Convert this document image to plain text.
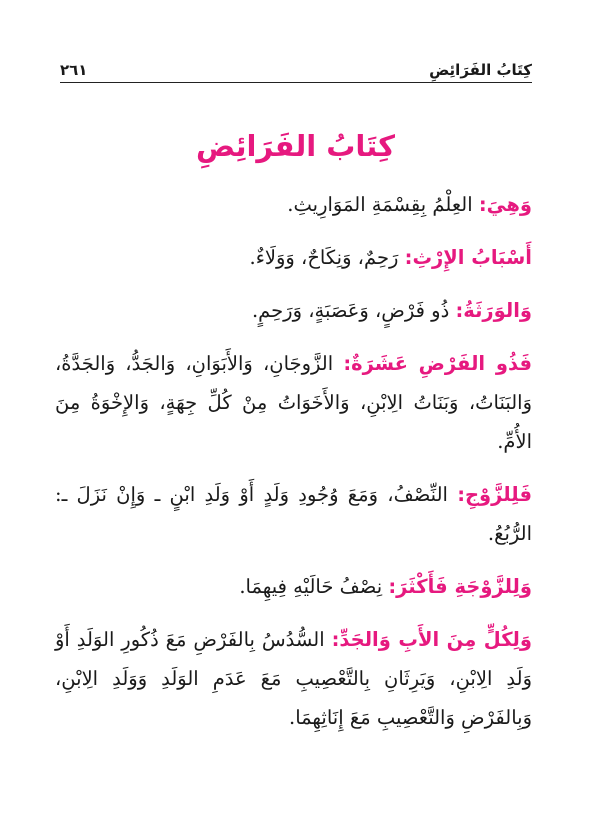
كِتَابُ الفَرَائِضِ
٢٦١
كِتَابُ الفَرَائِضِ

وَهِيَ: العِلْمُ بِقِسْمَةِ المَوَارِيثِ.

أَسْبَابُ الإِرْثِ: رَحِمٌ، وَنِكَاحٌ، وَوَلَاءٌ.

وَالوَرَثَةُ: ذُو فَرْضٍ، وَعَصَبَةٍ، وَرَحِمٍ.

فَذُو الفَرْضِ عَشَرَةٌ: الزَّوجَانِ، وَالأَبَوَانِ، وَالجَدُّ، وَالجَدَّةُ، وَالبَنَاتُ، وَبَنَاتُ الِابْنِ، وَالأَخَوَاتُ مِنْ كُلِّ جِهَةٍ، وَالإِخْوَةُ مِنَ الأُمِّ.

فَلِلزَّوْجِ: النِّصْفُ، وَمَعَ وُجُودِ وَلَدٍ أَوْ وَلَدِ ابْنٍ ـ وَإِنْ نَزَلَ ـ: الرُّبُعُ.

وَلِلزَّوْجَةِ فَأَكْثَرَ: نِصْفُ حَالَيْهِ فِيهِمَا.

وَلِكُلٍّ مِنَ الأَبِ وَالجَدِّ: السُّدُسُ بِالفَرْضِ مَعَ ذُكُورِ الوَلَدِ أَوْ وَلَدِ الِابْنِ، وَيَرِثَانِ بِالتَّعْصِيبِ مَعَ عَدَمِ الوَلَدِ وَوَلَدِ الِابْنِ، وَبِالفَرْضِ وَالتَّعْصِيبِ مَعَ إِنَاثِهِمَا.
